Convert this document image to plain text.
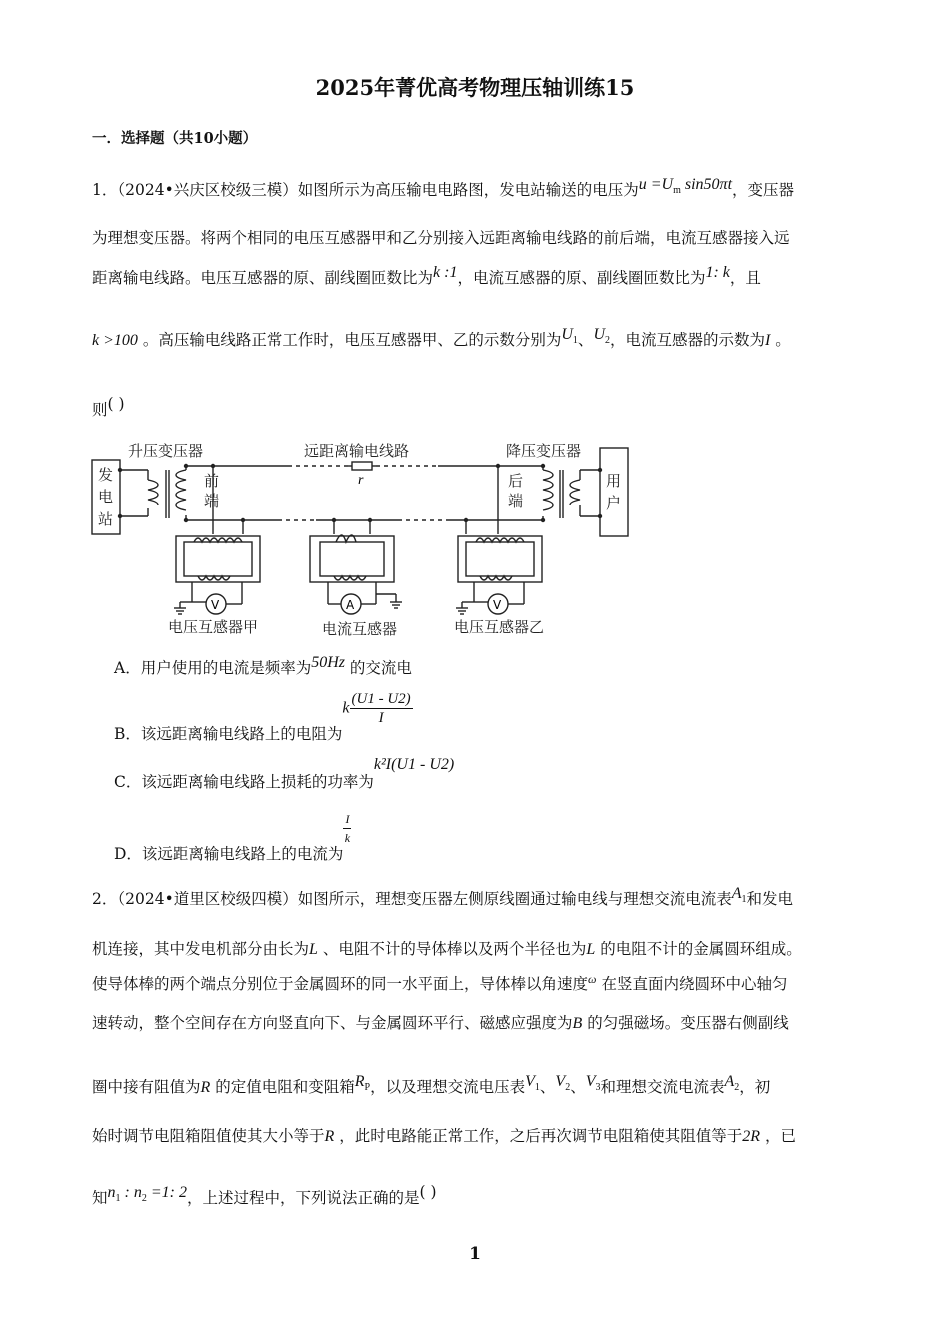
2025年菁优高考物理压轴训练15
一．选择题（共10小题）
1．（2024•兴庆区校级三模）如图所示为高压输电电路图，发电站输送的电压为$u =U_m$ sin50πt，变压器
为理想变压器。将两个相同的电压互感器甲和乙分别接入远距离输电线路的前后端，电流互感器接入远
距离输电线路。电压互感器的原、副线圈匝数比为k :1，电流互感器的原、副线圈匝数比为1: k，且
k >100 。高压输电线路正常工作时，电压互感器甲、乙的示数分别为$U_1$、$U_2$，电流互感器的示数为I 。
则( )
升压变压器	远距离输电线路	降压变压器
r
发
电
站
用
户
前
端
后
端
V	A	V
电压互感器甲	电流互感器	电压互感器乙
A．用户使用的电流是频率为50Hz 的交流电
B．该远距离输电线路上的电阻为k $\frac{(U1 - U2)}{I}$
C．该远距离输电线路上损耗的功率为k²I(U1 - U2)
D．该远距离输电线路上的电流为
$\frac{I}{k}$
2．（2024•道里区校级四模）如图所示，理想变压器左侧原线圈通过输电线与理想交流电流表$A_1$和发电
机连接，其中发电机部分由长为L 、电阻不计的导体棒以及两个半径也为L 的电阻不计的金属圆环组成。
使导体棒的两个端点分别位于金属圆环的同一水平面上，导体棒以角速度$^\omega$ 在竖直面内绕圆环中心轴匀
速转动，整个空间存在方向竖直向下、与金属圆环平行、磁感应强度为B 的匀强磁场。变压器右侧副线
圈中接有阻值为R 的定值电阻和变阻箱$R_P$，以及理想交流电压表$V_1$、$V_2$、$V_3$和理想交流电流表$A_2$，初
始时调节电阻箱阻值使其大小等于R ，此时电路能正常工作，之后再次调节电阻箱使其阻值等于2R ，已
知$n_1$ : $n_2 =1$: 2，上述过程中，下列说法正确的是( )
1
